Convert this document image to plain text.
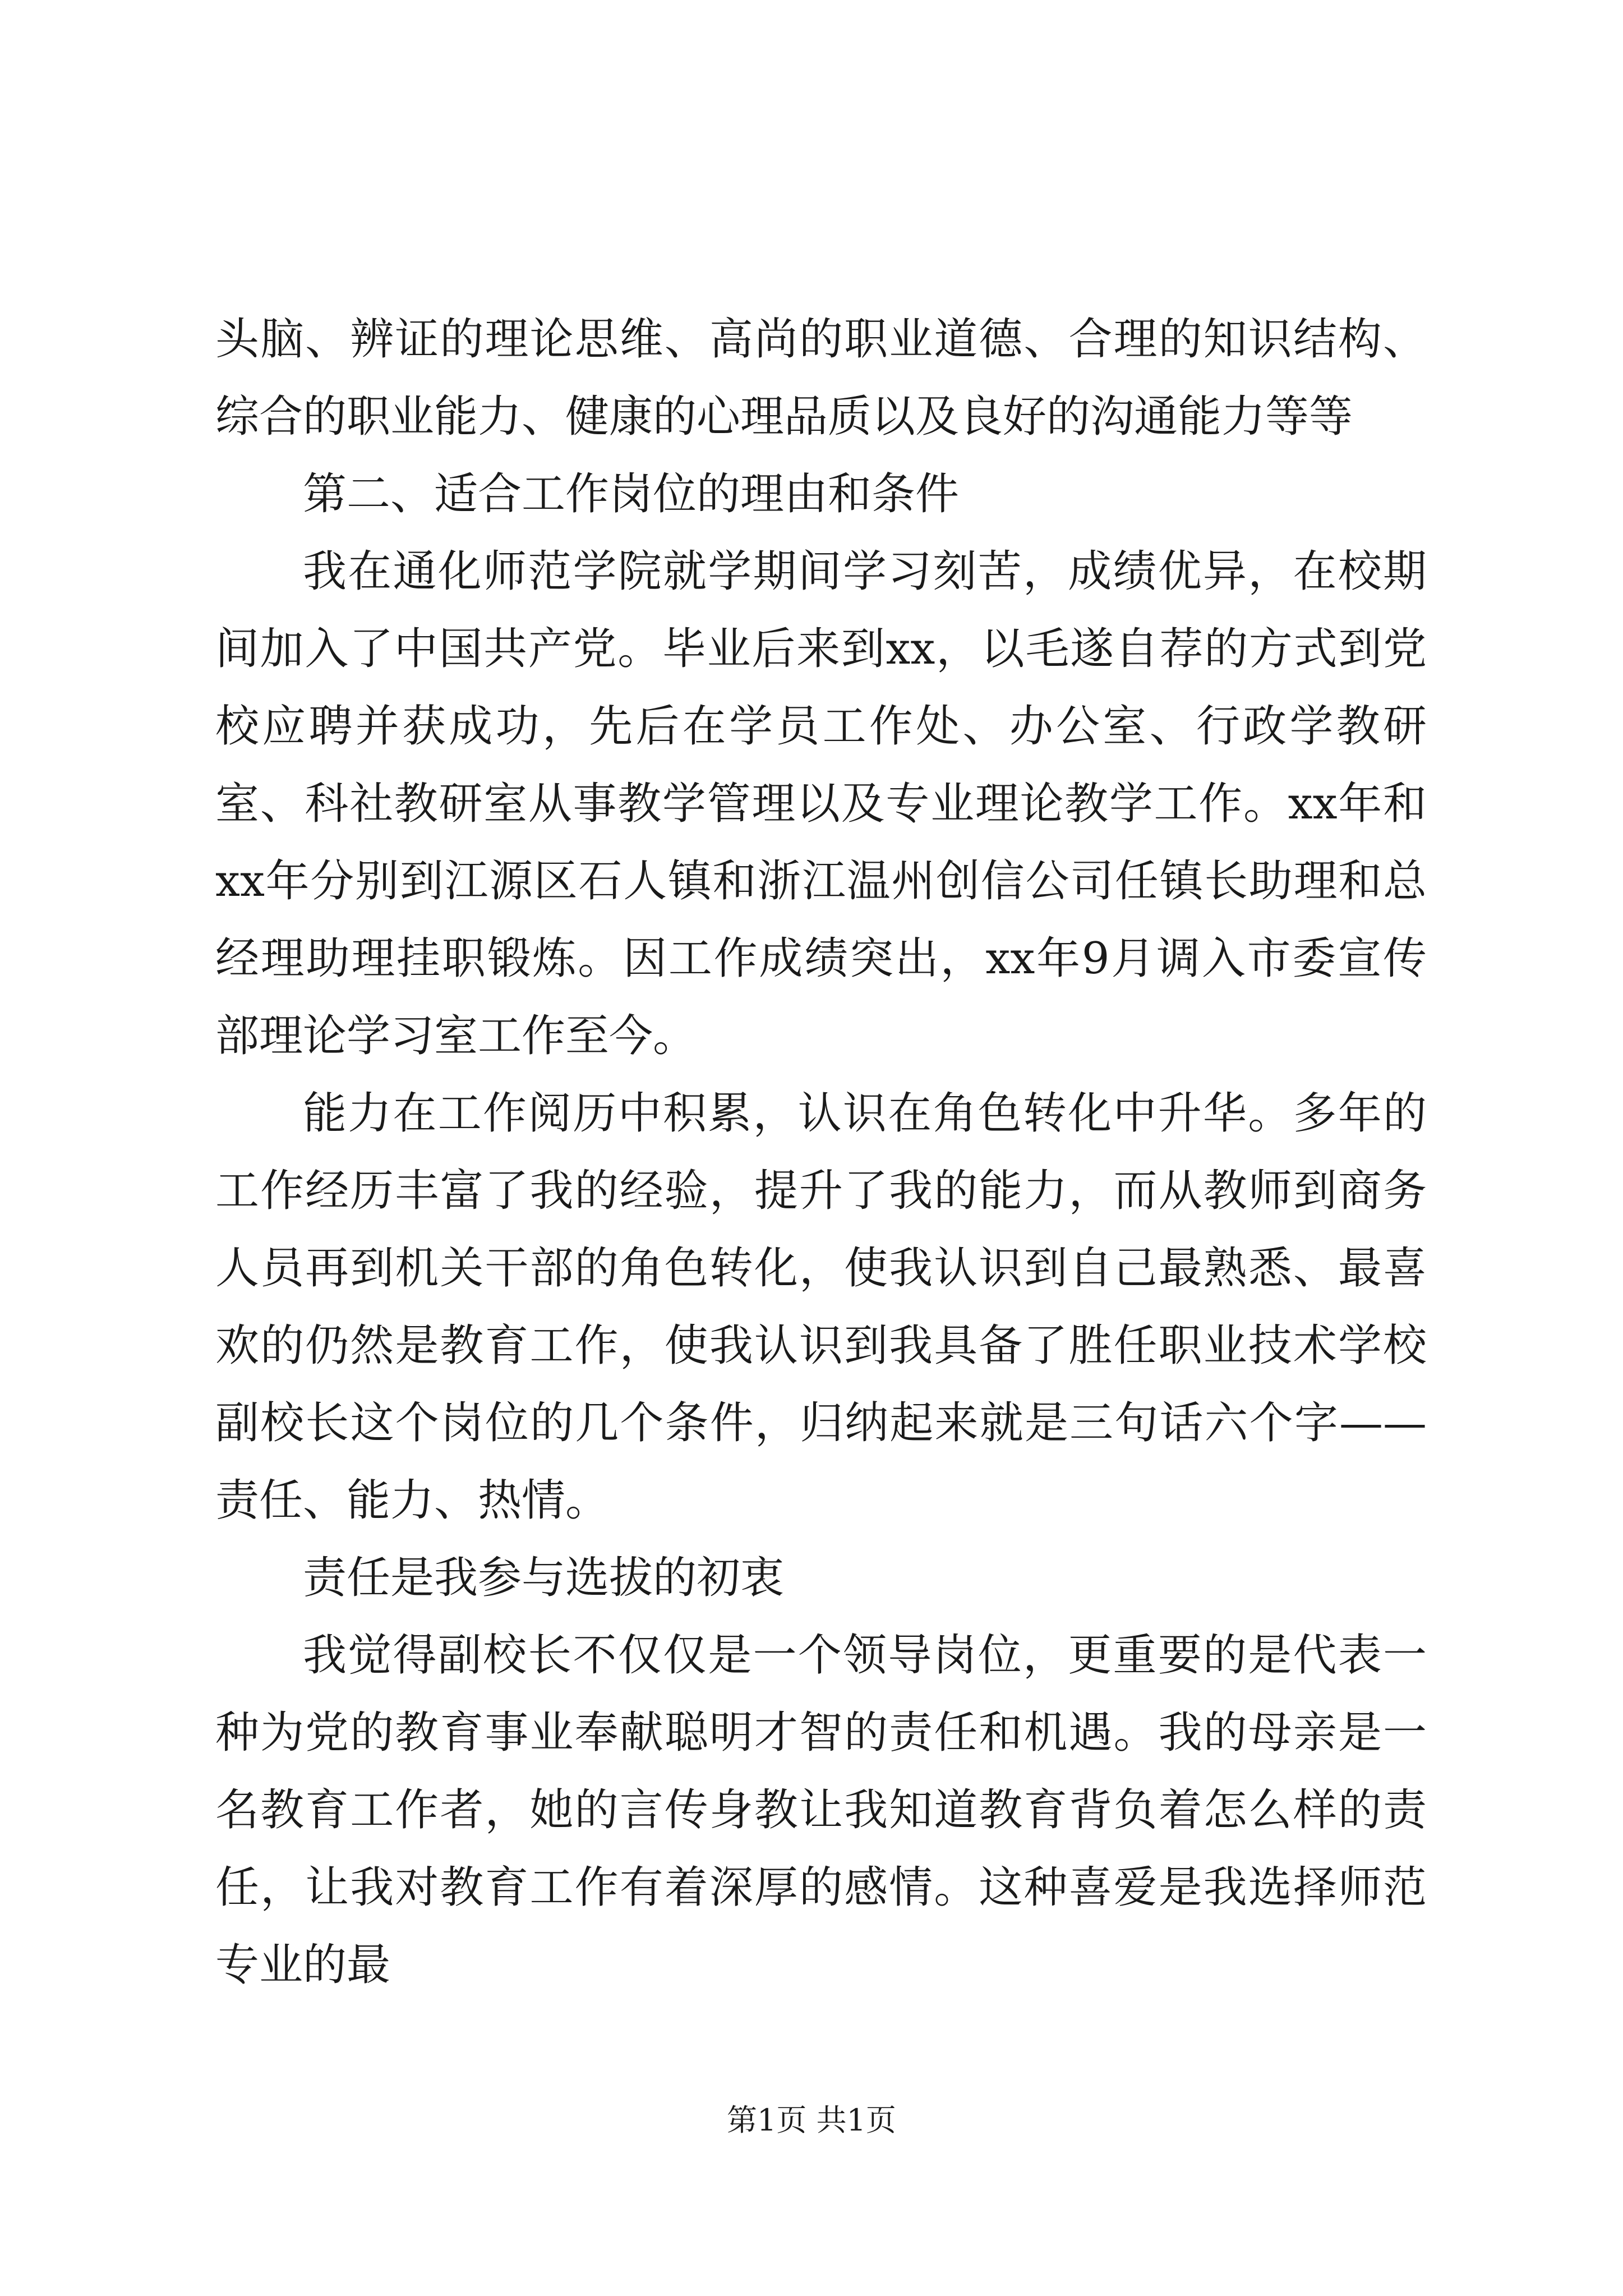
头脑、辨证的理论思维、高尚的职业道德、合理的知识结构、综合的职业能力、健康的心理品质以及良好的沟通能力等等

第二、适合工作岗位的理由和条件

我在通化师范学院就学期间学习刻苦，成绩优异，在校期间加入了中国共产党。毕业后来到xx，以毛遂自荐的方式到党校应聘并获成功，先后在学员工作处、办公室、行政学教研室、科社教研室从事教学管理以及专业理论教学工作。xx年和xx年分别到江源区石人镇和浙江温州创信公司任镇长助理和总经理助理挂职锻炼。因工作成绩突出，xx年9月调入市委宣传部理论学习室工作至今。

能力在工作阅历中积累，认识在角色转化中升华。多年的工作经历丰富了我的经验，提升了我的能力，而从教师到商务人员再到机关干部的角色转化，使我认识到自己最熟悉、最喜欢的仍然是教育工作，使我认识到我具备了胜任职业技术学校副校长这个岗位的几个条件，归纳起来就是三句话六个字——责任、能力、热情。

责任是我参与选拔的初衷

我觉得副校长不仅仅是一个领导岗位，更重要的是代表一种为党的教育事业奉献聪明才智的责任和机遇。我的母亲是一名教育工作者，她的言传身教让我知道教育背负着怎么样的责任，让我对教育工作有着深厚的感情。这种喜爱是我选择师范专业的最

第1页 共1页
